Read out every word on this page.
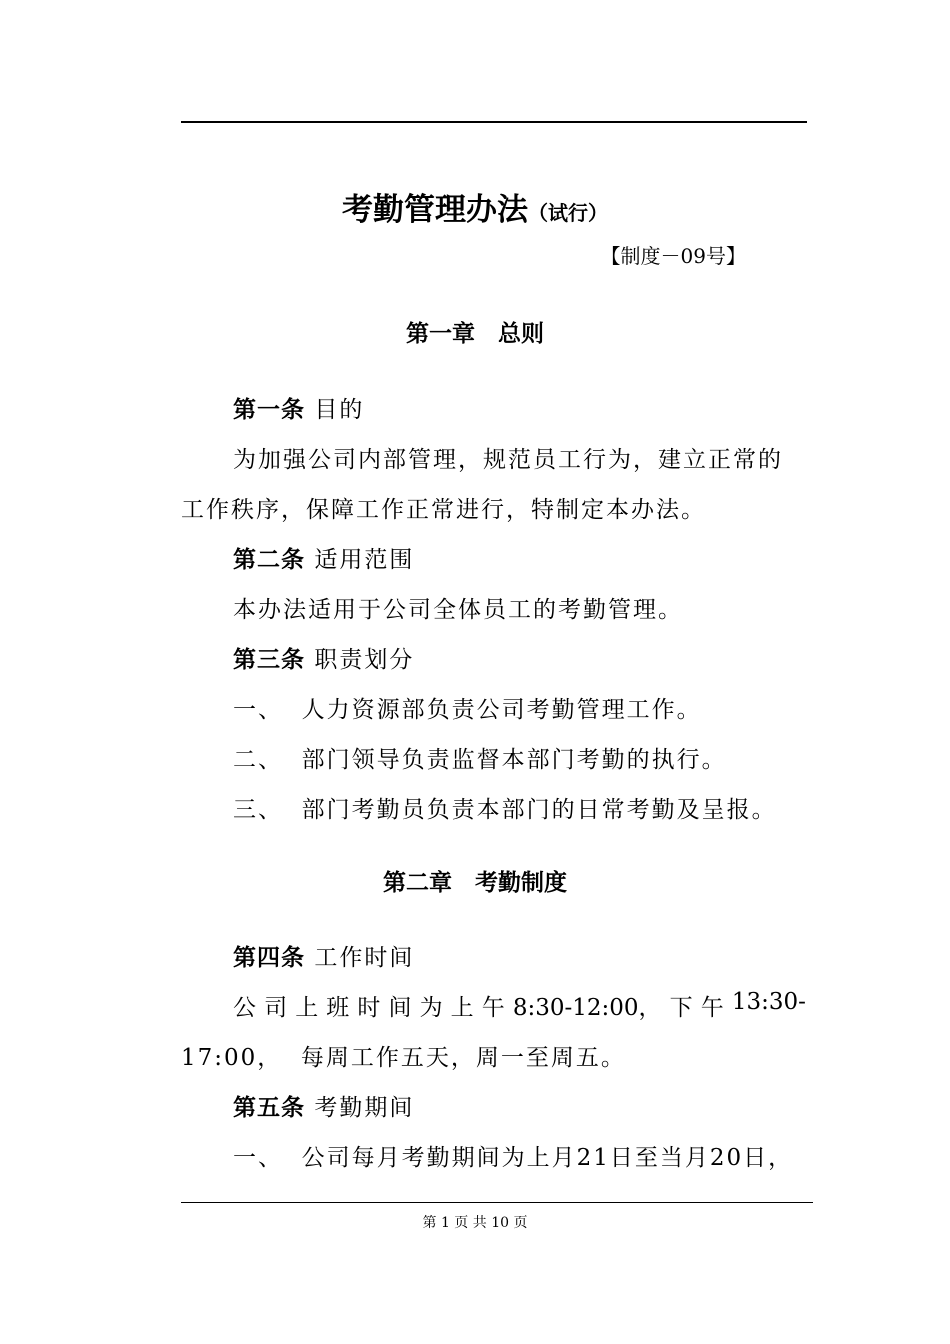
考勤管理办法（试行）
【制度－09号】
第一章　总则
第一条 目的
为加强公司内部管理，规范员工行为，建立正常的
工作秩序，保障工作正常进行，特制定本办法。
第二条 适用范围
本办法适用于公司全体员工的考勤管理。
第三条 职责划分
一、  人力资源部负责公司考勤管理工作。
二、  部门领导负责监督本部门考勤的执行。
三、  部门考勤员负责本部门的日常考勤及呈报。
第二章　考勤制度
第四条 工作时间
公 司 上 班 时 间 为 上 午 8:30-12:00， 下 午 13:30-
17:00，  每周工作五天，周一至周五。
第五条 考勤期间
一、  公司每月考勤期间为上月21日至当月20日，
第 1 页 共 10 页
